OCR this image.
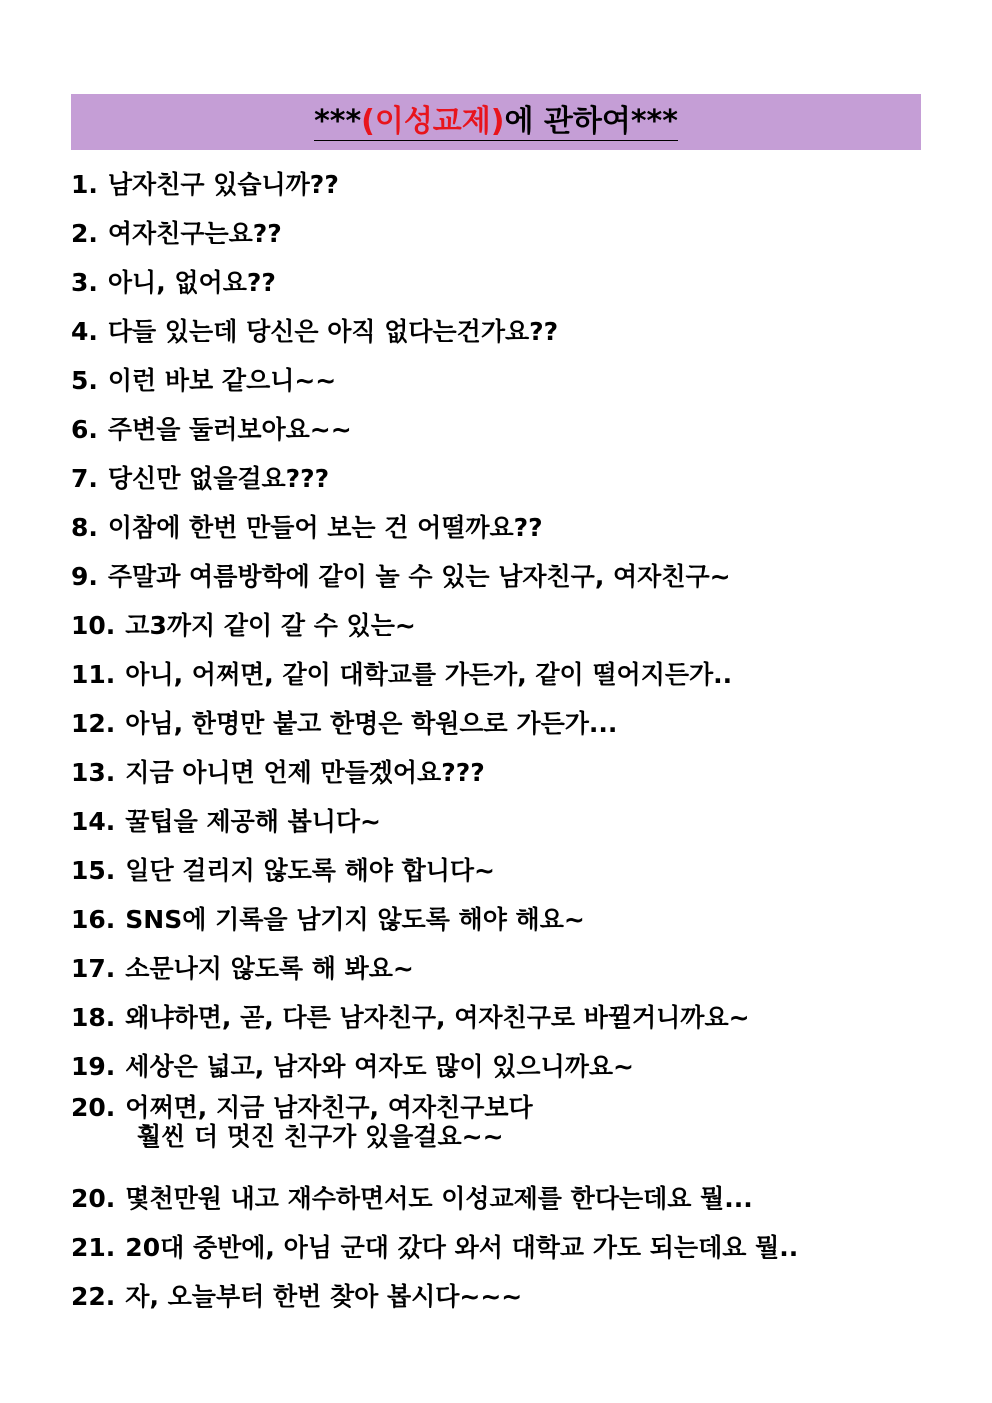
***(이성교제)에 관하여***
1. 남자친구 있습니까??
2. 여자친구는요??
3. 아니, 없어요??
4. 다들 있는데 당신은 아직 없다는건가요??
5. 이런 바보 같으니~~
6. 주변을 둘러보아요~~
7. 당신만 없을걸요???
8. 이참에 한번 만들어 보는 건 어떨까요??
9. 주말과 여름방학에 같이 놀 수 있는 남자친구, 여자친구~
10. 고3까지 같이 갈 수 있는~
11. 아니, 어쩌면, 같이 대학교를 가든가, 같이 떨어지든가..
12. 아님, 한명만 붙고 한명은 학원으로 가든가...
13. 지금 아니면 언제 만들겠어요???
14. 꿀팁을 제공해 봅니다~
15. 일단 걸리지 않도록 해야 합니다~
16. SNS에 기록을 남기지 않도록 해야 해요~
17. 소문나지 않도록 해 봐요~
18. 왜냐하면, 곧, 다른 남자친구, 여자친구로 바뀔거니까요~
19. 세상은 넓고, 남자와 여자도 많이 있으니까요~
20. 어쩌면, 지금 남자친구, 여자친구보다
훨씬 더 멋진 친구가 있을걸요~~
20. 몇천만원 내고 재수하면서도 이성교제를 한다는데요 뭘...
21. 20대 중반에, 아님 군대 갔다 와서 대학교 가도 되는데요 뭘..
22. 자, 오늘부터 한번 찾아 봅시다~~~
